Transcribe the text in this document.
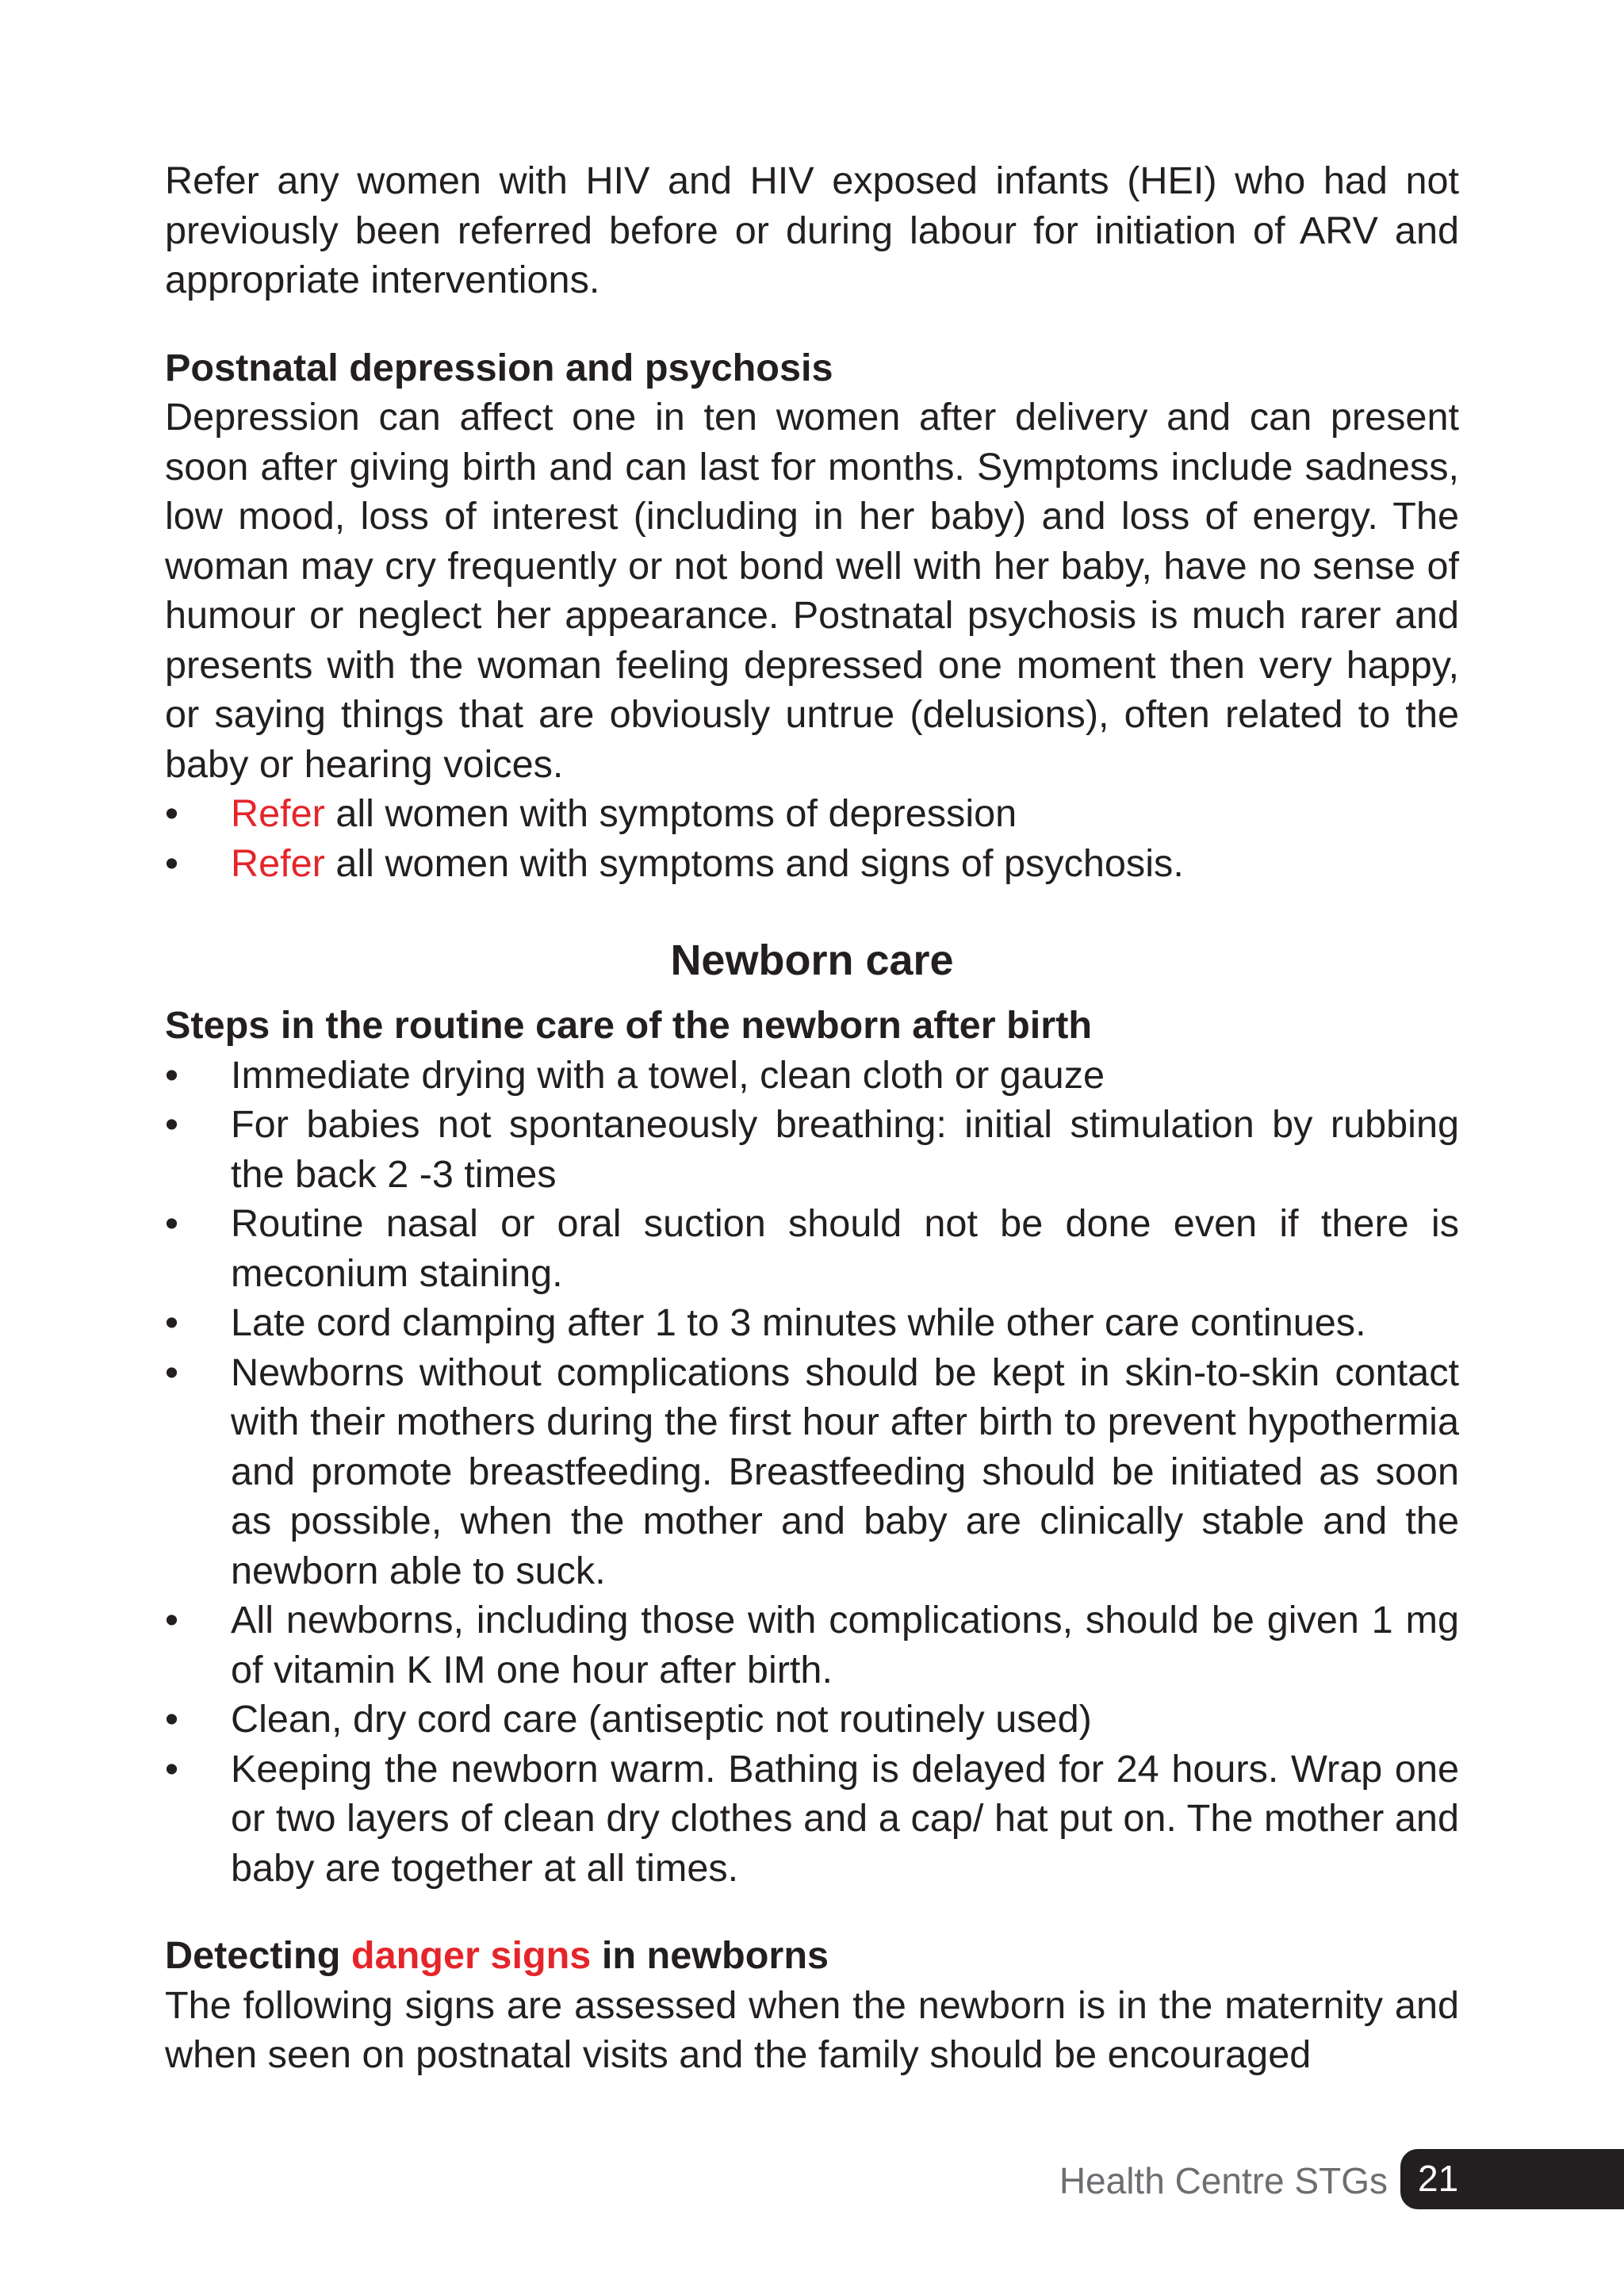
Refer any women with HIV and HIV exposed infants (HEI) who had not previously been referred before or during labour for initiation of ARV and appropriate interventions.

Postnatal depression and psychosis

Depression can affect one in ten women after delivery and can present soon after giving birth and can last for months. Symptoms include sadness, low mood, loss of interest (including in her baby) and loss of energy. The woman may cry frequently or not bond well with her baby, have no sense of humour or neglect her appearance. Postnatal psychosis is much rarer and presents with the woman feeling depressed one moment then very happy, or saying things that are obviously untrue (delusions), often related to the baby or hearing voices.

• Refer all women with symptoms of depression
• Refer all women with symptoms and signs of psychosis.

Newborn care

Steps in the routine care of the newborn after birth

• Immediate drying with a towel, clean cloth or gauze
• For babies not spontaneously breathing: initial stimulation by rubbing the back 2 -3 times
• Routine nasal or oral suction should not be done even if there is meconium staining.
• Late cord clamping after 1 to 3 minutes while other care continues.
• Newborns without complications should be kept in skin-to-skin contact with their mothers during the first hour after birth to prevent hypothermia and promote breastfeeding. Breastfeeding should be initiated as soon as possible, when the mother and baby are clinically stable and the newborn able to suck.
• All newborns, including those with complications, should be given 1 mg of vitamin K IM one hour after birth.
• Clean, dry cord care (antiseptic not routinely used)
• Keeping the newborn warm. Bathing is delayed for 24 hours. Wrap one or two layers of clean dry clothes and a cap/ hat put on. The mother and baby are together at all times.

Detecting danger signs in newborns

The following signs are assessed when the newborn is in the maternity and when seen on postnatal visits and the family should be encouraged

Health Centre STGs 21
